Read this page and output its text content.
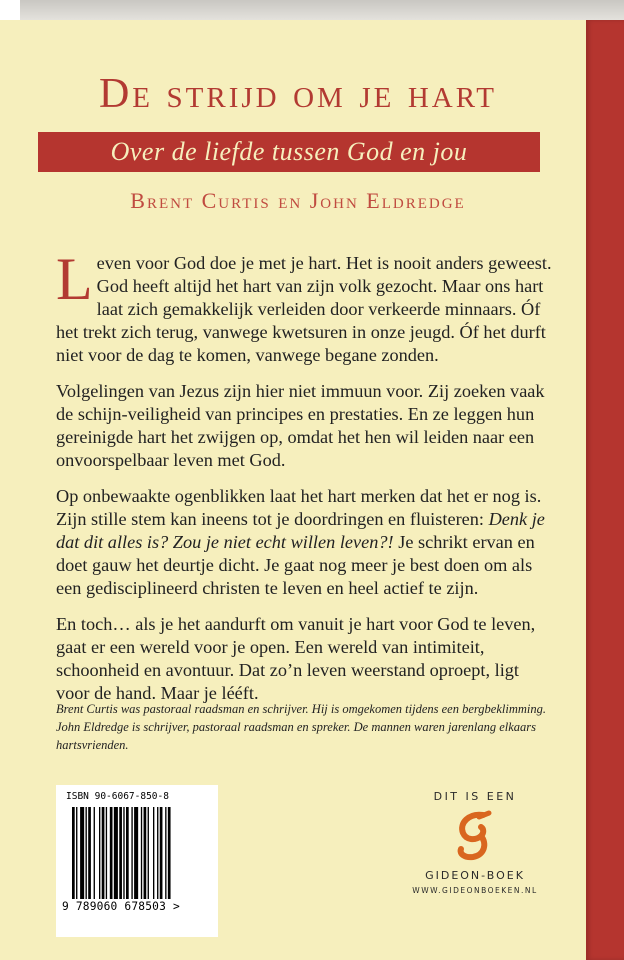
De strijd om je hart
Over de liefde tussen God en jou
Brent Curtis en John Eldredge

Leven voor God doe je met je hart. Het is nooit anders geweest. God heeft altijd het hart van zijn volk gezocht. Maar ons hart laat zich gemakkelijk verleiden door verkeerde minnaars. Óf het trekt zich terug, vanwege kwetsuren in onze jeugd. Óf het durft niet voor de dag te komen, vanwege begane zonden.

Volgelingen van Jezus zijn hier niet immuun voor. Zij zoeken vaak de schijn-veiligheid van principes en prestaties. En ze leggen hun gereinigde hart het zwijgen op, omdat het hen wil leiden naar een onvoorspelbaar leven met God.

Op onbewaakte ogenblikken laat het hart merken dat het er nog is. Zijn stille stem kan ineens tot je doordringen en fluisteren: Denk je dat dit alles is? Zou je niet echt willen leven?! Je schrikt ervan en doet gauw het deurtje dicht. Je gaat nog meer je best doen om als een gedisciplineerd christen te leven en heel actief te zijn.

En toch… als je het aandurft om vanuit je hart voor God te leven, gaat er een wereld voor je open. Een wereld van intimiteit, schoonheid en avontuur. Dat zo’n leven weerstand oproept, ligt voor de hand. Maar je lééft.

Brent Curtis was pastoraal raadsman en schrijver. Hij is omgekomen tijdens een bergbeklimming. John Eldredge is schrijver, pastoraal raadsman en spreker. De mannen waren jarenlang elkaars hartsvrienden.
ISBN 90-6067-850-8
9 789060 678503 >
DIT IS EEN
GIDEON-BOEK
WWW.GIDEONBOEKEN.NL
